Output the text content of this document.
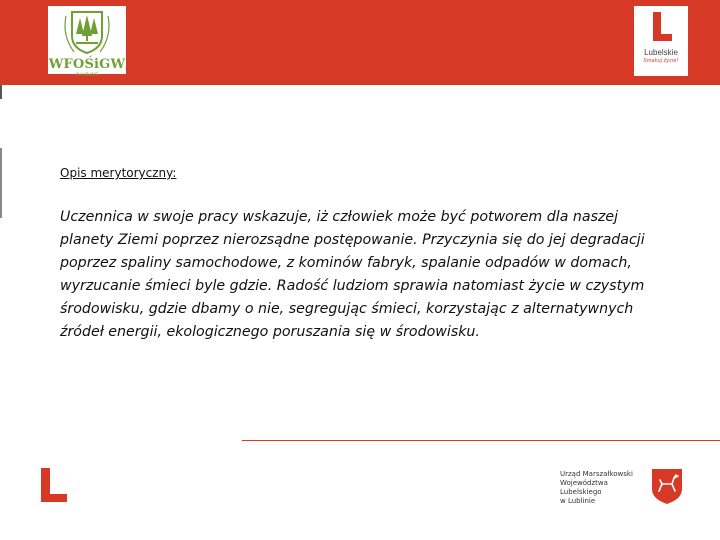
WFOŚiGW
W LUBLINIE
Lubelskie
Smakuj życie!
Opis merytoryczny:
Uczennica w swoje pracy wskazuje, iż człowiek może być potworem dla naszej
planety Ziemi poprzez nierozsądne postępowanie. Przyczynia się do jej degradacji
poprzez spaliny samochodowe, z kominów fabryk, spalanie odpadów w domach,
wyrzucanie śmieci byle gdzie. Radość ludziom sprawia natomiast życie w czystym
środowisku, gdzie dbamy o nie, segregując śmieci, korzystając z alternatywnych
źródeł energii, ekologicznego poruszania się w środowisku.
Urząd Marszałkowski
Województwa Lubelskiego
w Lublinie
